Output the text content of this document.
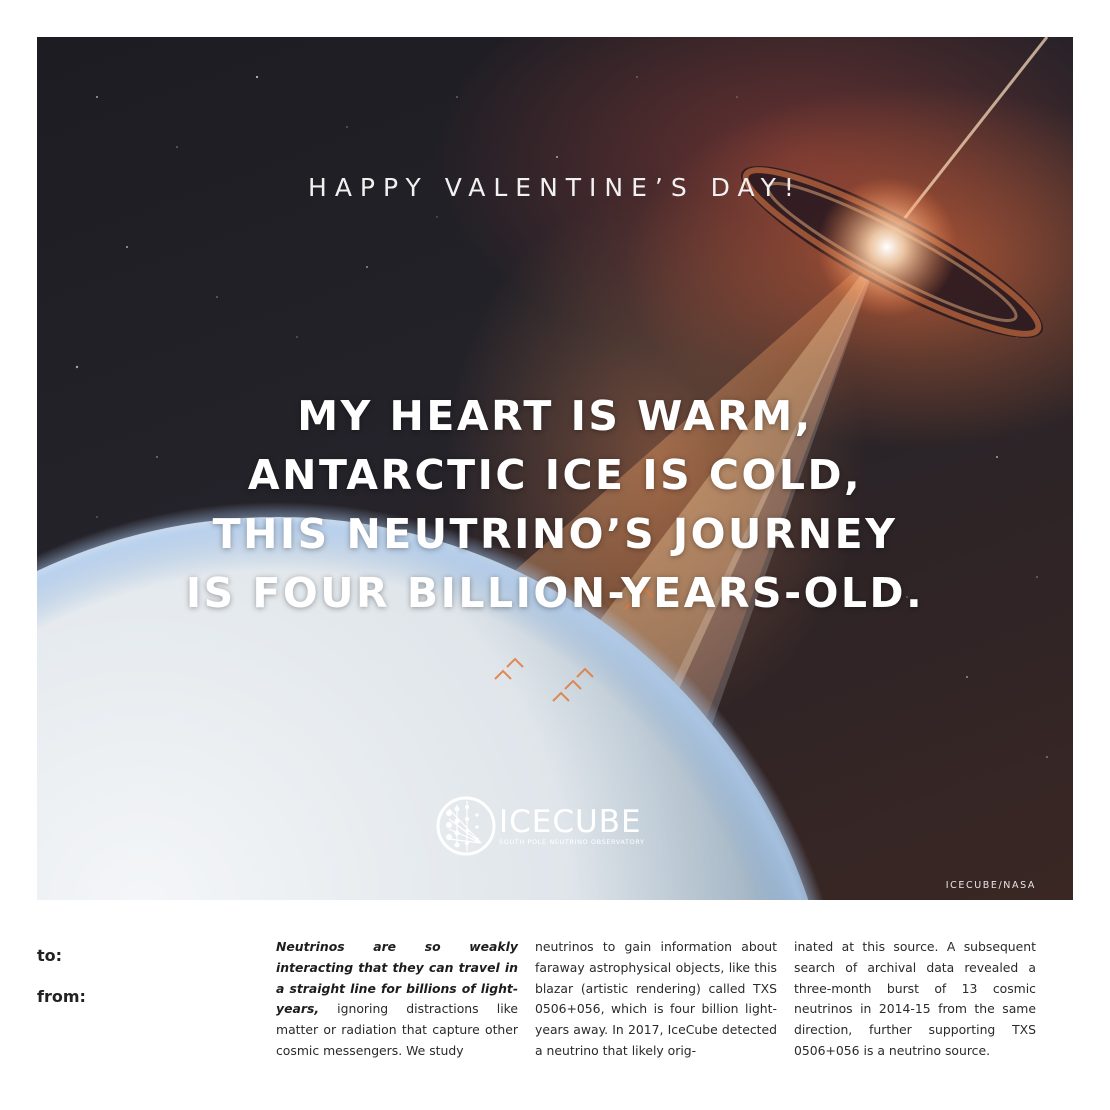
HAPPY VALENTINE’S DAY!
MY HEART IS WARM,
ANTARCTIC ICE IS COLD,
THIS NEUTRINO’S JOURNEY
IS FOUR BILLION-YEARS-OLD.
ICECUBE
SOUTH POLE NEUTRINO OBSERVATORY
ICECUBE/NASA
to:
from:
Neutrinos are so weakly interacting that they can travel in a straight line for billions of light-years, ignoring distractions like matter or radiation that capture other cosmic messengers. We study
neutrinos to gain information about faraway astrophysical objects, like this blazar (artistic rendering) called TXS 0506+056, which is four billion light-years away. In 2017, IceCube detected a neutrino that likely orig-
inated at this source. A subsequent search of archival data revealed a three-month burst of 13 cosmic neutrinos in 2014-15 from the same direction, further supporting TXS 0506+056 is a neutrino source.
